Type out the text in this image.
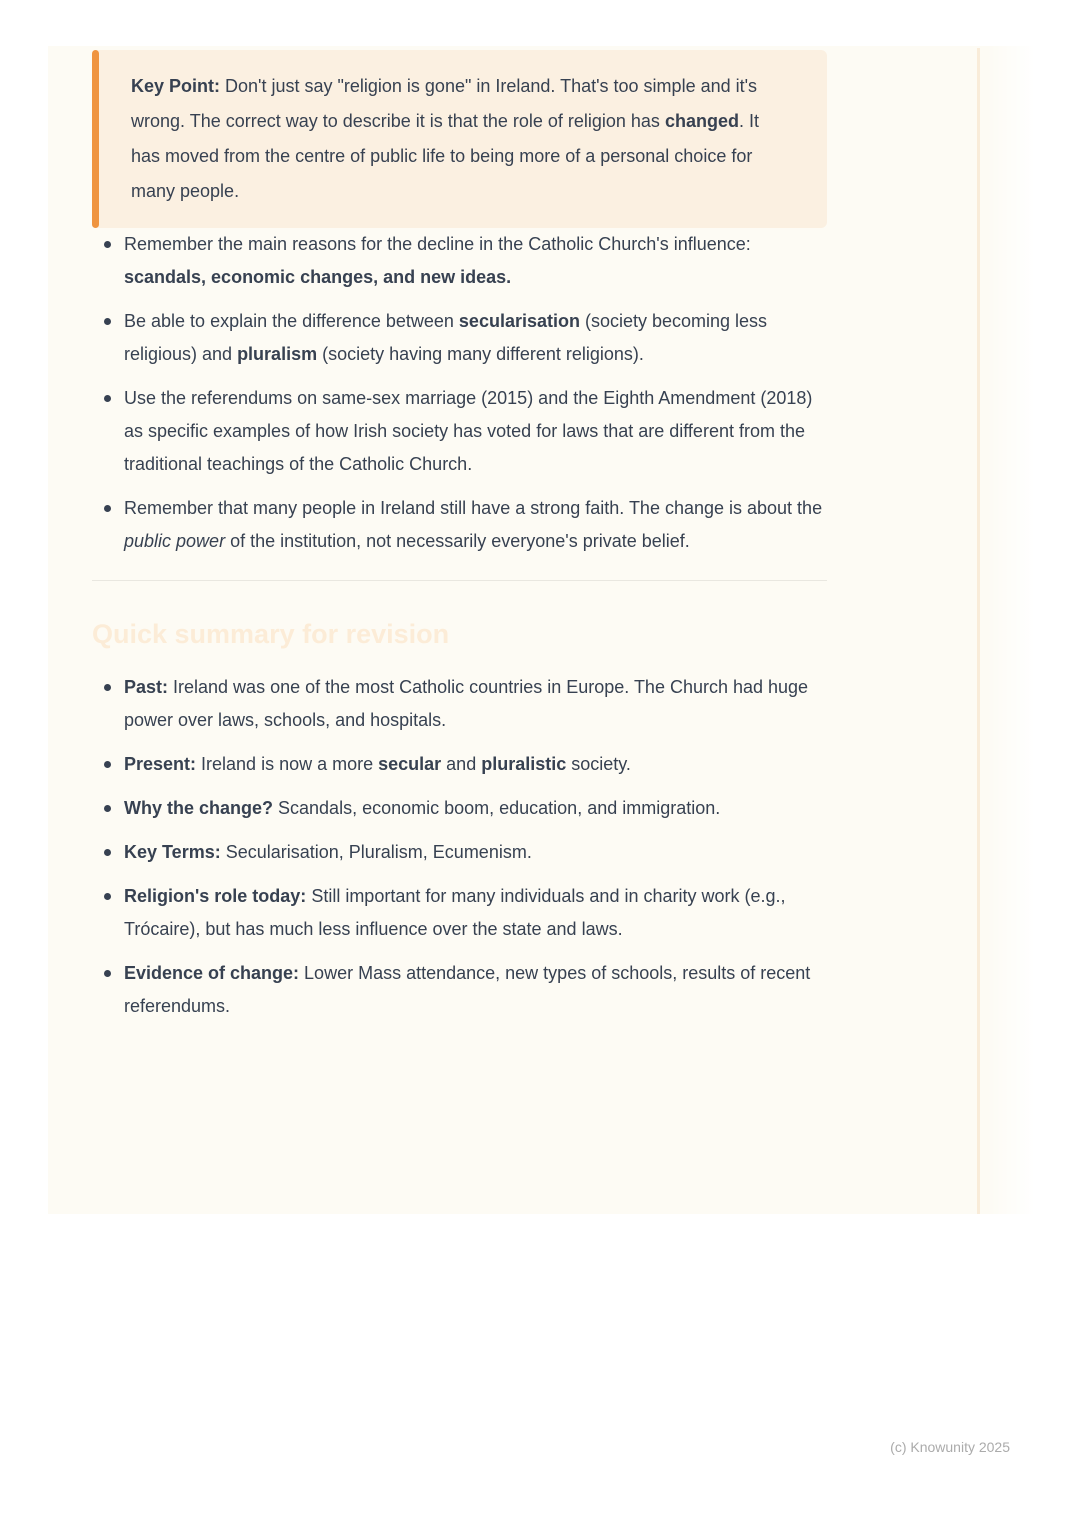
Key Point: Don't just say "religion is gone" in Ireland. That's too simple and it's wrong. The correct way to describe it is that the role of religion has changed. It has moved from the centre of public life to being more of a personal choice for many people.
Remember the main reasons for the decline in the Catholic Church's influence: scandals, economic changes, and new ideas.
Be able to explain the difference between secularisation (society becoming less religious) and pluralism (society having many different religions).
Use the referendums on same-sex marriage (2015) and the Eighth Amendment (2018) as specific examples of how Irish society has voted for laws that are different from the traditional teachings of the Catholic Church.
Remember that many people in Ireland still have a strong faith. The change is about the public power of the institution, not necessarily everyone's private belief.
Quick summary for revision
Past: Ireland was one of the most Catholic countries in Europe. The Church had huge power over laws, schools, and hospitals.
Present: Ireland is now a more secular and pluralistic society.
Why the change? Scandals, economic boom, education, and immigration.
Key Terms: Secularisation, Pluralism, Ecumenism.
Religion's role today: Still important for many individuals and in charity work (e.g., Trócaire), but has much less influence over the state and laws.
Evidence of change: Lower Mass attendance, new types of schools, results of recent referendums.
(c) Knowunity 2025
